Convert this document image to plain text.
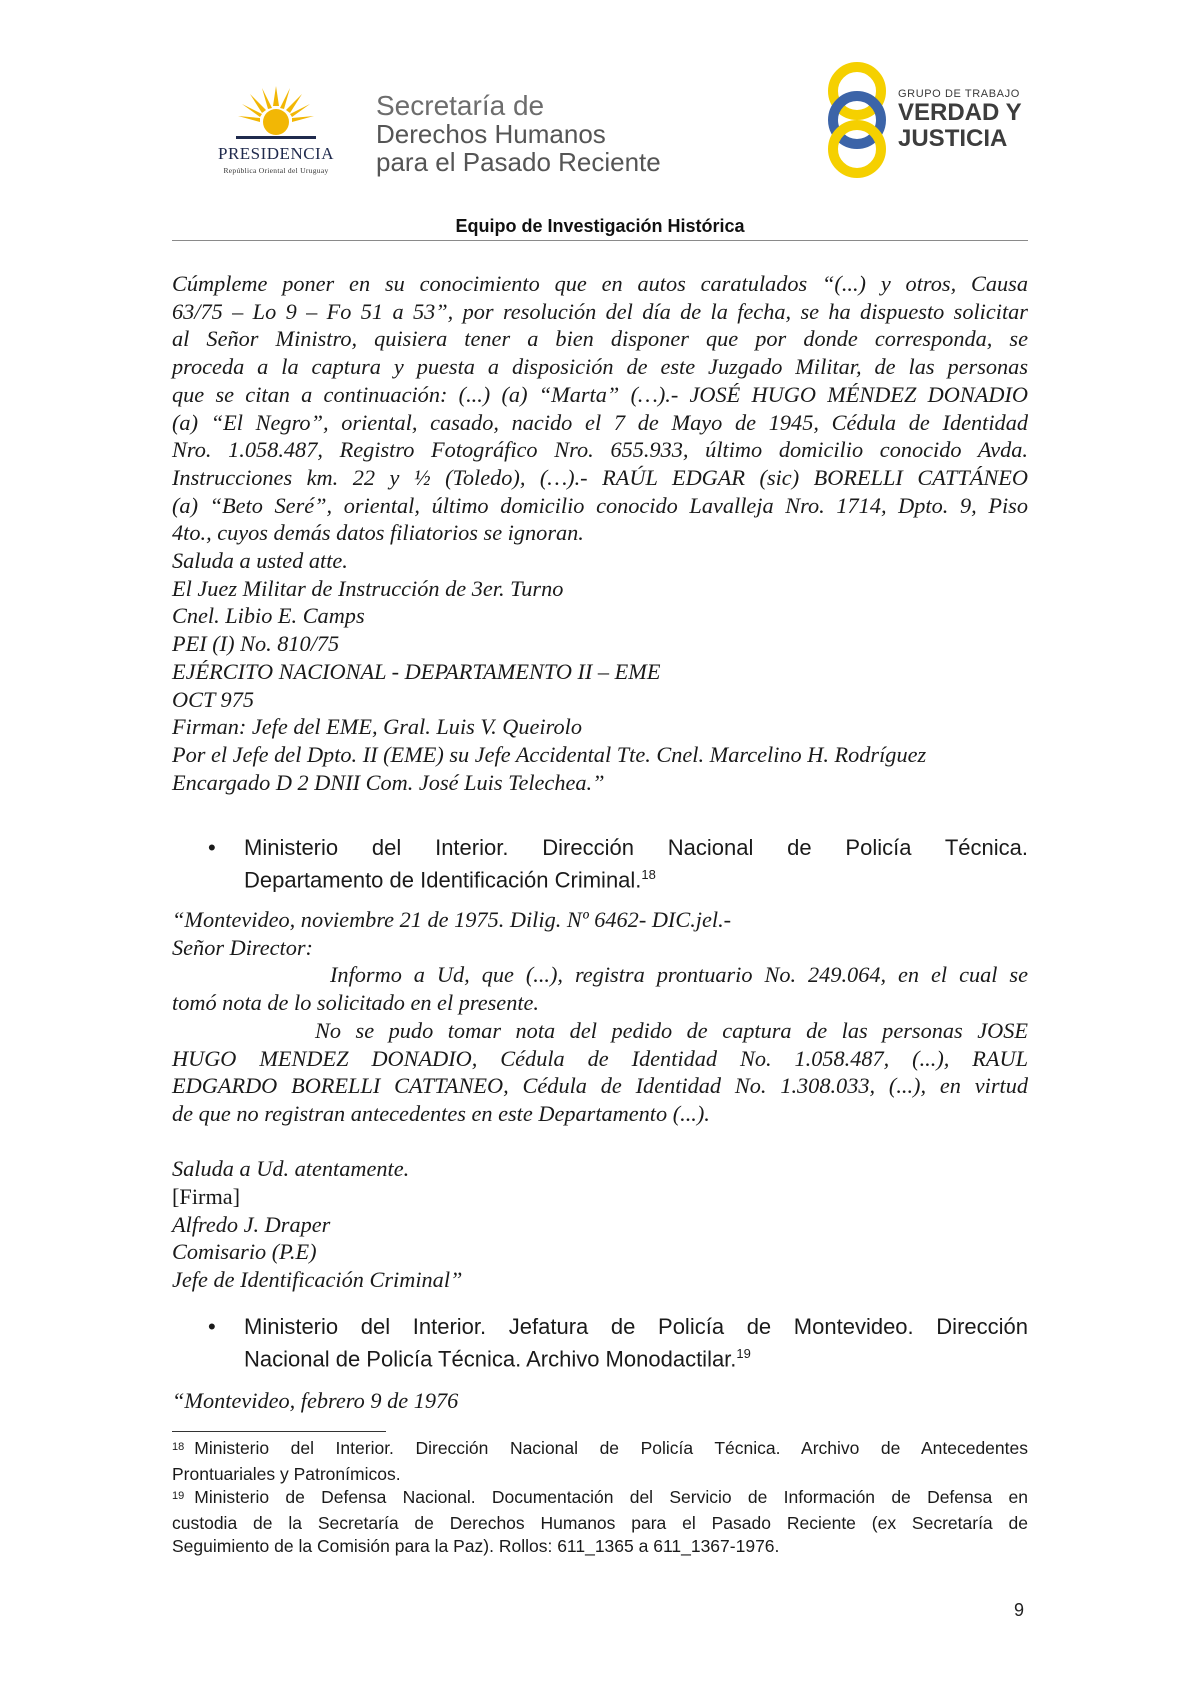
PRESIDENCIA
República Oriental del Uruguay
Secretaría de
Derechos Humanos
para el Pasado Reciente
GRUPO DE TRABAJO
VERDAD Y
JUSTICIA
Equipo de Investigación Histórica
Cúmpleme poner en su conocimiento que en autos caratulados “(...) y otros, Causa
63/75 – Lo 9 – Fo 51 a 53”, por resolución del día de la fecha, se ha dispuesto solicitar
al Señor Ministro, quisiera tener a bien disponer que por donde corresponda, se
proceda a la captura y puesta a disposición de este Juzgado Militar, de las personas
que se citan a continuación: (...) (a) “Marta” (…).- JOSÉ HUGO MÉNDEZ DONADIO
(a) “El Negro”, oriental, casado, nacido el 7 de Mayo de 1945, Cédula de Identidad
Nro. 1.058.487, Registro Fotográfico Nro. 655.933, último domicilio conocido Avda.
Instrucciones km. 22 y ½ (Toledo), (…).- RAÚL EDGAR (sic) BORELLI CATTÁNEO
(a) “Beto Seré”, oriental, último domicilio conocido Lavalleja Nro. 1714, Dpto. 9, Piso
4to., cuyos demás datos filiatorios se ignoran.
Saluda a usted atte.
El Juez Militar de Instrucción de 3er. Turno
Cnel. Libio E. Camps
PEI (I) No. 810/75
EJÉRCITO NACIONAL - DEPARTAMENTO II – EME
OCT 975
Firman: Jefe del EME, Gral. Luis V. Queirolo
Por el Jefe del Dpto. II (EME) su Jefe Accidental Tte. Cnel. Marcelino H. Rodríguez
Encargado D 2 DNII Com. José Luis Telechea.”
• Ministerio del Interior. Dirección Nacional de Policía Técnica.
Departamento de Identificación Criminal.$^{18}$
“Montevideo, noviembre 21 de 1975. Dilig. Nº 6462- DIC.jel.-
Señor Director:
Informo a Ud, que (...), registra prontuario No. 249.064, en el cual se
tomó nota de lo solicitado en el presente.
No se pudo tomar nota del pedido de captura de las personas JOSE
HUGO MENDEZ DONADIO, Cédula de Identidad No. 1.058.487, (...), RAUL
EDGARDO BORELLI CATTANEO, Cédula de Identidad No. 1.308.033, (...), en virtud
de que no registran antecedentes en este Departamento (...).
Saluda a Ud. atentamente.
[Firma]
Alfredo J. Draper
Comisario (P.E)
Jefe de Identificación Criminal”
• Ministerio del Interior. Jefatura de Policía de Montevideo. Dirección
Nacional de Policía Técnica. Archivo Monodactilar.$^{19}$
“Montevideo, febrero 9 de 1976
$^{18}$ Ministerio del Interior. Dirección Nacional de Policía Técnica. Archivo de Antecedentes
Prontuariales y Patronímicos.
$^{19}$ Ministerio de Defensa Nacional. Documentación del Servicio de Información de Defensa en
custodia de la Secretaría de Derechos Humanos para el Pasado Reciente (ex Secretaría de
Seguimiento de la Comisión para la Paz). Rollos: 611_1365 a 611_1367-1976.
9
